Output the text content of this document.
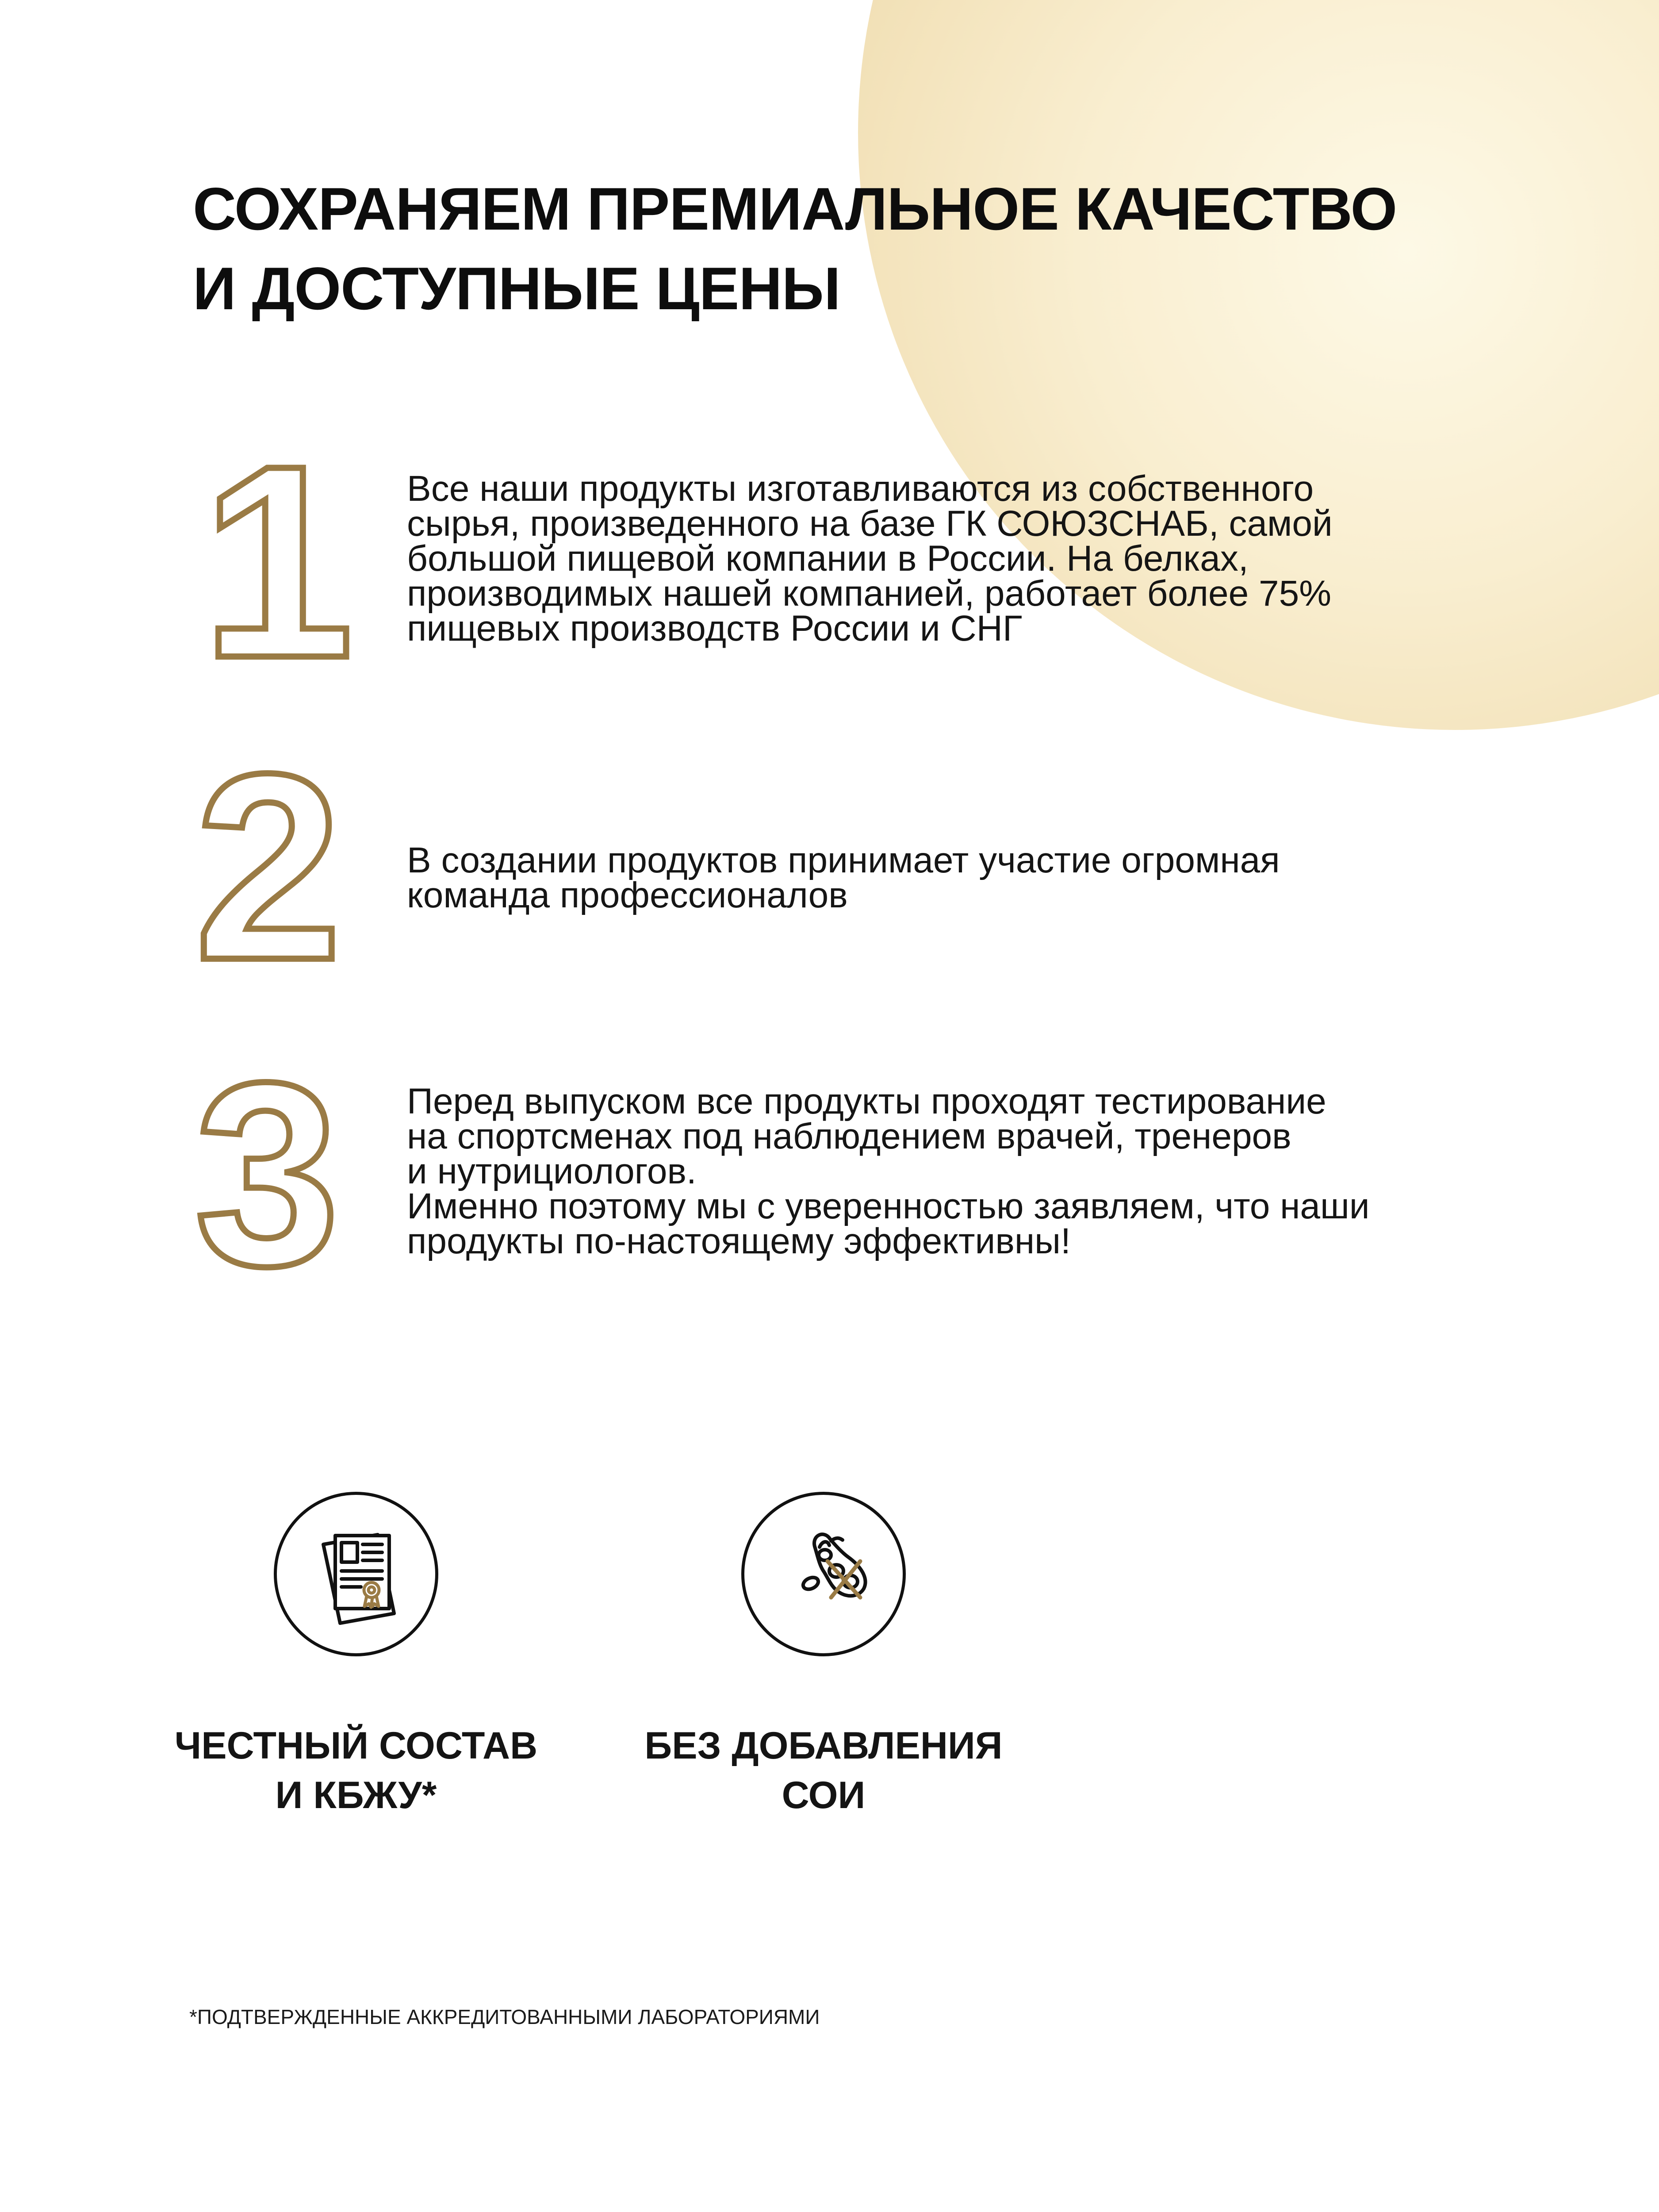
СОХРАНЯЕМ ПРЕМИАЛЬНОЕ КАЧЕСТВО
И ДОСТУПНЫЕ ЦЕНЫ
1 Все наши продукты изготавливаются из собственного
сырья, произведенного на базе ГК СОЮЗСНАБ, самой
большой пищевой компании в России. На белках,
производимых нашей компанией, работает более 75%
пищевых производств России и СНГ

2 В создании продуктов принимает участие огромная
команда профессионалов

3 Перед выпуском все продукты проходят тестирование
на спортсменах под наблюдением врачей, тренеров
и нутрициологов.
Именно поэтому мы с уверенностью заявляем, что наши
продукты по-настоящему эффективны!

ЧЕСТНЫЙ СОСТАВ
И КБЖУ*

БЕЗ ДОБАВЛЕНИЯ
СОИ

*ПОДТВЕРЖДЕННЫЕ АККРЕДИТОВАННЫМИ ЛАБОРАТОРИЯМИ
